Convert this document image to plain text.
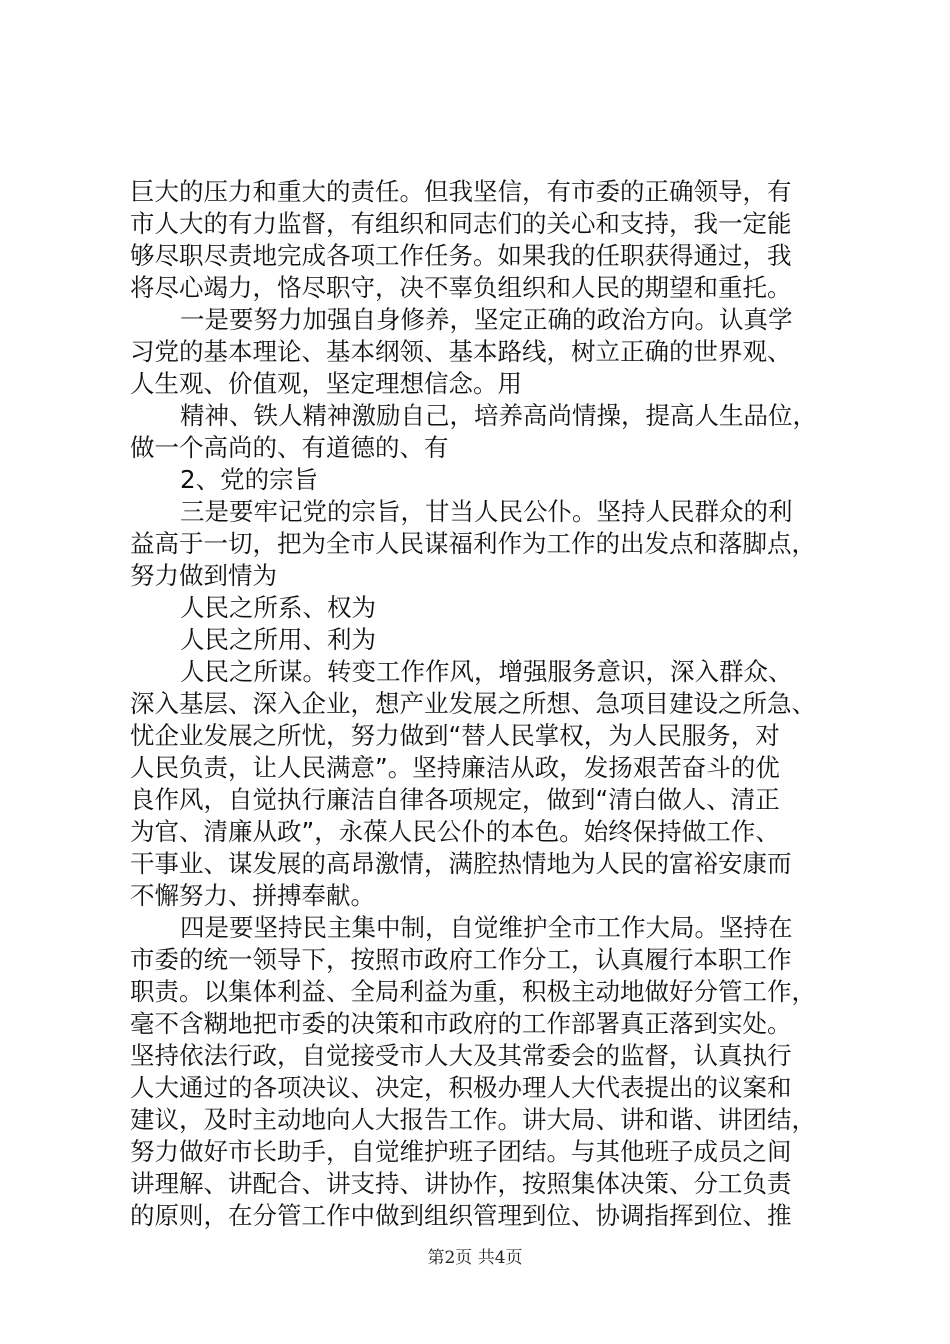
巨大的压力和重大的责任。但我坚信，有市委的正确领导，有
市人大的有力监督，有组织和同志们的关心和支持，我一定能
够尽职尽责地完成各项工作任务。如果我的任职获得通过，我
将尽心竭力，恪尽职守，决不辜负组织和人民的期望和重托。
一是要努力加强自身修养，坚定正确的政治方向。认真学
习党的基本理论、基本纲领、基本路线，树立正确的世界观、
人生观、价值观，坚定理想信念。用
精神、铁人精神激励自己，培养高尚情操，提高人生品位，
做一个高尚的、有道德的、有
2、党的宗旨
三是要牢记党的宗旨，甘当人民公仆。坚持人民群众的利
益高于一切，把为全市人民谋福利作为工作的出发点和落脚点，
努力做到情为
人民之所系、权为
人民之所用、利为
人民之所谋。转变工作作风，增强服务意识，深入群众、
深入基层、深入企业，想产业发展之所想、急项目建设之所急、
忧企业发展之所忧，努力做到“替人民掌权，为人民服务，对
人民负责，让人民满意”。坚持廉洁从政，发扬艰苦奋斗的优
良作风，自觉执行廉洁自律各项规定，做到“清白做人、清正
为官、清廉从政”，永葆人民公仆的本色。始终保持做工作、
干事业、谋发展的高昂激情，满腔热情地为人民的富裕安康而
不懈努力、拼搏奉献。
四是要坚持民主集中制，自觉维护全市工作大局。坚持在
市委的统一领导下，按照市政府工作分工，认真履行本职工作
职责。以集体利益、全局利益为重，积极主动地做好分管工作，
毫不含糊地把市委的决策和市政府的工作部署真正落到实处。
坚持依法行政，自觉接受市人大及其常委会的监督，认真执行
人大通过的各项决议、决定，积极办理人大代表提出的议案和
建议，及时主动地向人大报告工作。讲大局、讲和谐、讲团结，
努力做好市长助手，自觉维护班子团结。与其他班子成员之间
讲理解、讲配合、讲支持、讲协作，按照集体决策、分工负责
的原则，在分管工作中做到组织管理到位、协调指挥到位、推
第2页 共4页
